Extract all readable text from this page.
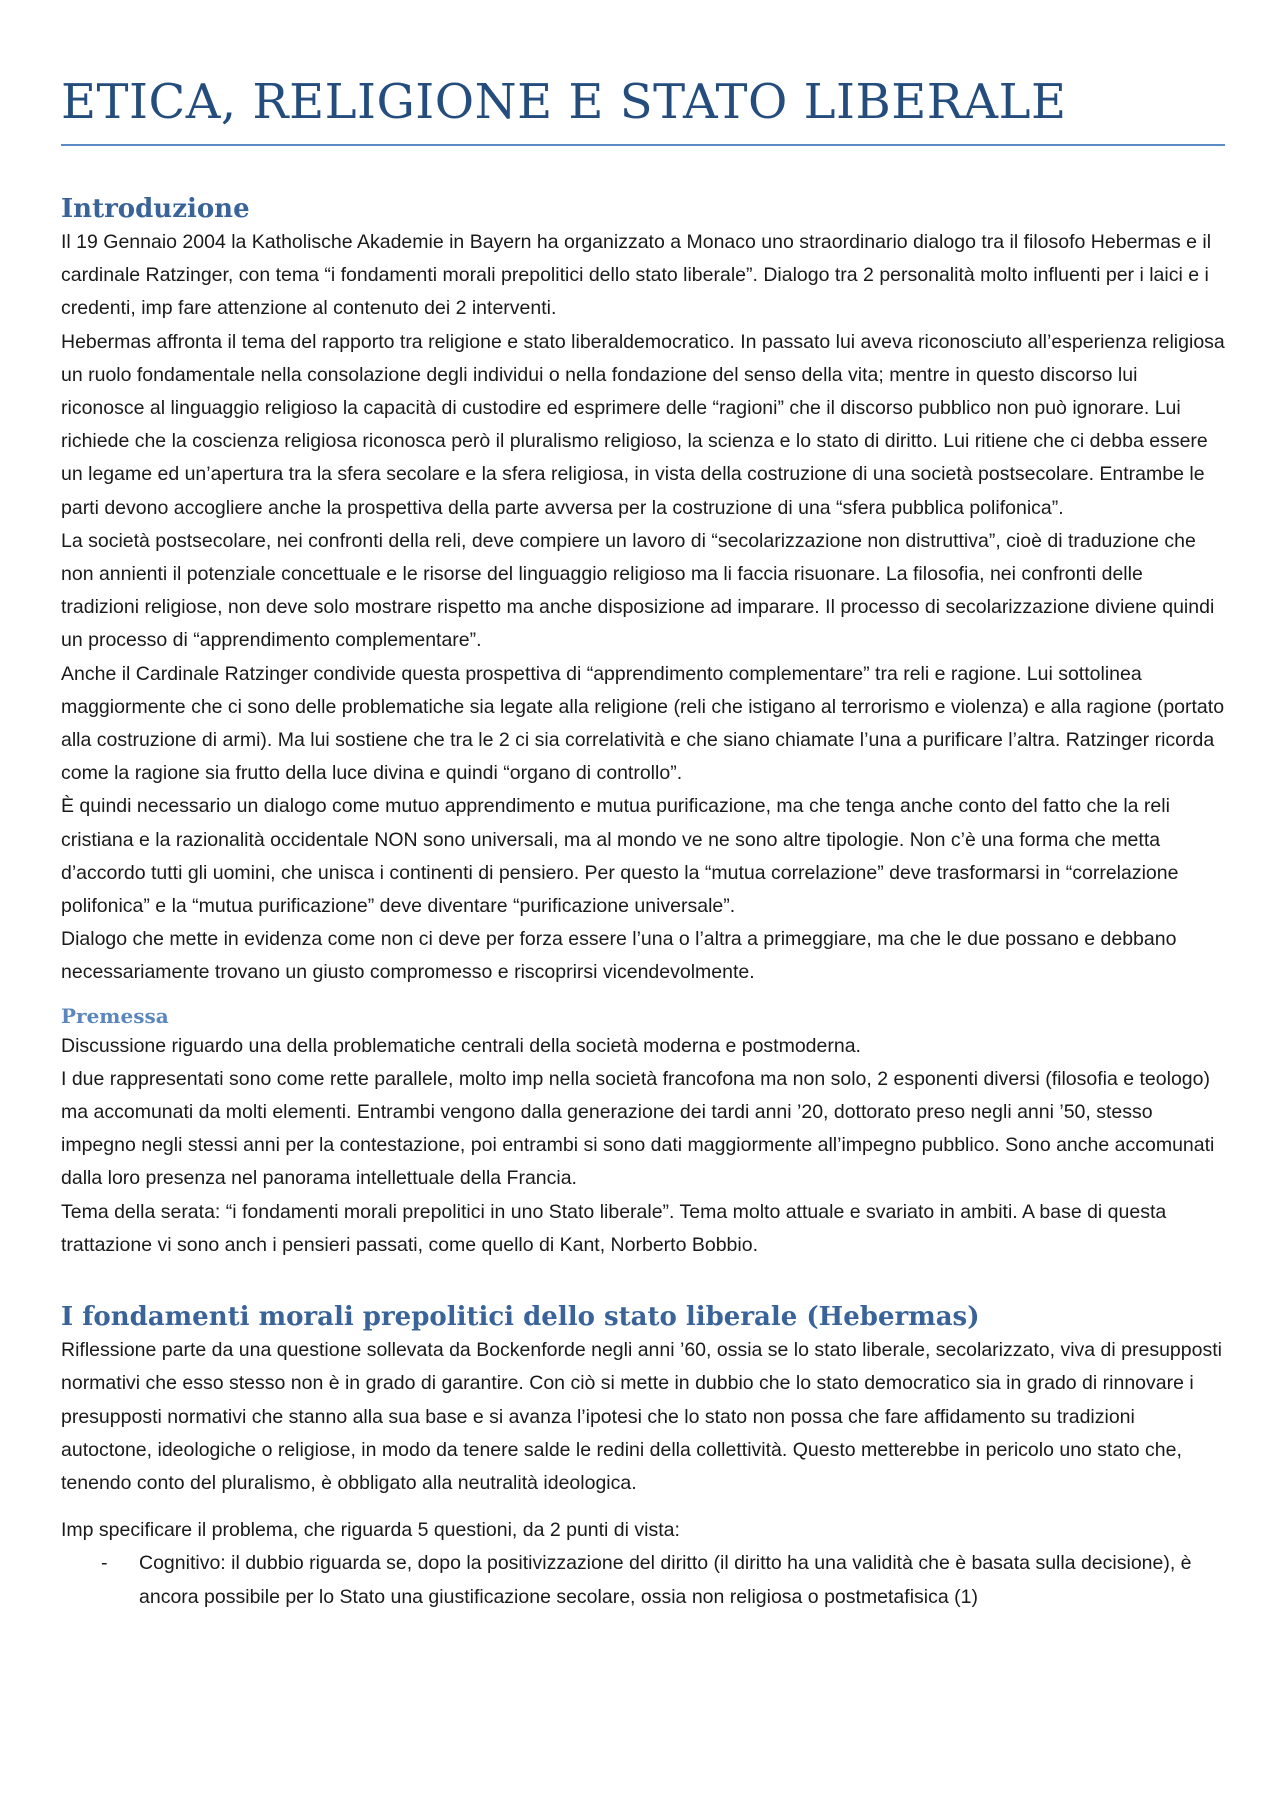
ETICA, RELIGIONE E STATO LIBERALE
Introduzione

Il 19 Gennaio 2004 la Katholische Akademie in Bayern ha organizzato a Monaco uno straordinario dialogo tra il filosofo Hebermas e il cardinale Ratzinger, con tema “i fondamenti morali prepolitici dello stato liberale”. Dialogo tra 2 personalità molto influenti per i laici e i credenti, imp fare attenzione al contenuto dei 2 interventi.

Hebermas affronta il tema del rapporto tra religione e stato liberaldemocratico. In passato lui aveva riconosciuto all’esperienza religiosa un ruolo fondamentale nella consolazione degli individui o nella fondazione del senso della vita; mentre in questo discorso lui riconosce al linguaggio religioso la capacità di custodire ed esprimere delle “ragioni” che il discorso pubblico non può ignorare. Lui richiede che la coscienza religiosa riconosca però il pluralismo religioso, la scienza e lo stato di diritto. Lui ritiene che ci debba essere un legame ed un’apertura tra la sfera secolare e la sfera religiosa, in vista della costruzione di una società postsecolare. Entrambe le parti devono accogliere anche la prospettiva della parte avversa per la costruzione di una “sfera pubblica polifonica”.

La società postsecolare, nei confronti della reli, deve compiere un lavoro di “secolarizzazione non distruttiva”, cioè di traduzione che non annienti il potenziale concettuale e le risorse del linguaggio religioso ma li faccia risuonare. La filosofia, nei confronti delle tradizioni religiose, non deve solo mostrare rispetto ma anche disposizione ad imparare. Il processo di secolarizzazione diviene quindi un processo di “apprendimento complementare”.

Anche il Cardinale Ratzinger condivide questa prospettiva di “apprendimento complementare” tra reli e ragione. Lui sottolinea maggiormente che ci sono delle problematiche sia legate alla religione (reli che istigano al terrorismo e violenza) e alla ragione (portato alla costruzione di armi). Ma lui sostiene che tra le 2 ci sia correlatività e che siano chiamate l’una a purificare l’altra. Ratzinger ricorda come la ragione sia frutto della luce divina e quindi “organo di controllo”.

È quindi necessario un dialogo come mutuo apprendimento e mutua purificazione, ma che tenga anche conto del fatto che la reli cristiana e la razionalità occidentale NON sono universali, ma al mondo ve ne sono altre tipologie. Non c’è una forma che metta d’accordo tutti gli uomini, che unisca i continenti di pensiero. Per questo la “mutua correlazione” deve trasformarsi in “correlazione polifonica” e la “mutua purificazione” deve diventare “purificazione universale”.

Dialogo che mette in evidenza come non ci deve per forza essere l’una o l’altra a primeggiare, ma che le due possano e debbano necessariamente trovano un giusto compromesso e riscoprirsi vicendevolmente.

Premessa

Discussione riguardo una della problematiche centrali della società moderna e postmoderna.

I due rappresentati sono come rette parallele, molto imp nella società francofona ma non solo, 2 esponenti diversi (filosofia e teologo) ma accomunati da molti elementi. Entrambi vengono dalla generazione dei tardi anni ’20, dottorato preso negli anni ’50, stesso impegno negli stessi anni per la contestazione, poi entrambi si sono dati maggiormente all’impegno pubblico. Sono anche accomunati dalla loro presenza nel panorama intellettuale della Francia.

Tema della serata: “i fondamenti morali prepolitici in uno Stato liberale”. Tema molto attuale e svariato in ambiti. A base di questa trattazione vi sono anch i pensieri passati, come quello di Kant, Norberto Bobbio.

I fondamenti morali prepolitici dello stato liberale (Hebermas)

Riflessione parte da una questione sollevata da Bockenforde negli anni ’60, ossia se lo stato liberale, secolarizzato, viva di presupposti normativi che esso stesso non è in grado di garantire. Con ciò si mette in dubbio che lo stato democratico sia in grado di rinnovare i presupposti normativi che stanno alla sua base e si avanza l’ipotesi che lo stato non possa che fare affidamento su tradizioni autoctone, ideologiche o religiose, in modo da tenere salde le redini della collettività. Questo metterebbe in pericolo uno stato che, tenendo conto del pluralismo, è obbligato alla neutralità ideologica.

Imp specificare il problema, che riguarda 5 questioni, da 2 punti di vista:

- Cognitivo: il dubbio riguarda se, dopo la positivizzazione del diritto (il diritto ha una validità che è basata sulla decisione), è ancora possibile per lo Stato una giustificazione secolare, ossia non religiosa o postmetafisica (1)
